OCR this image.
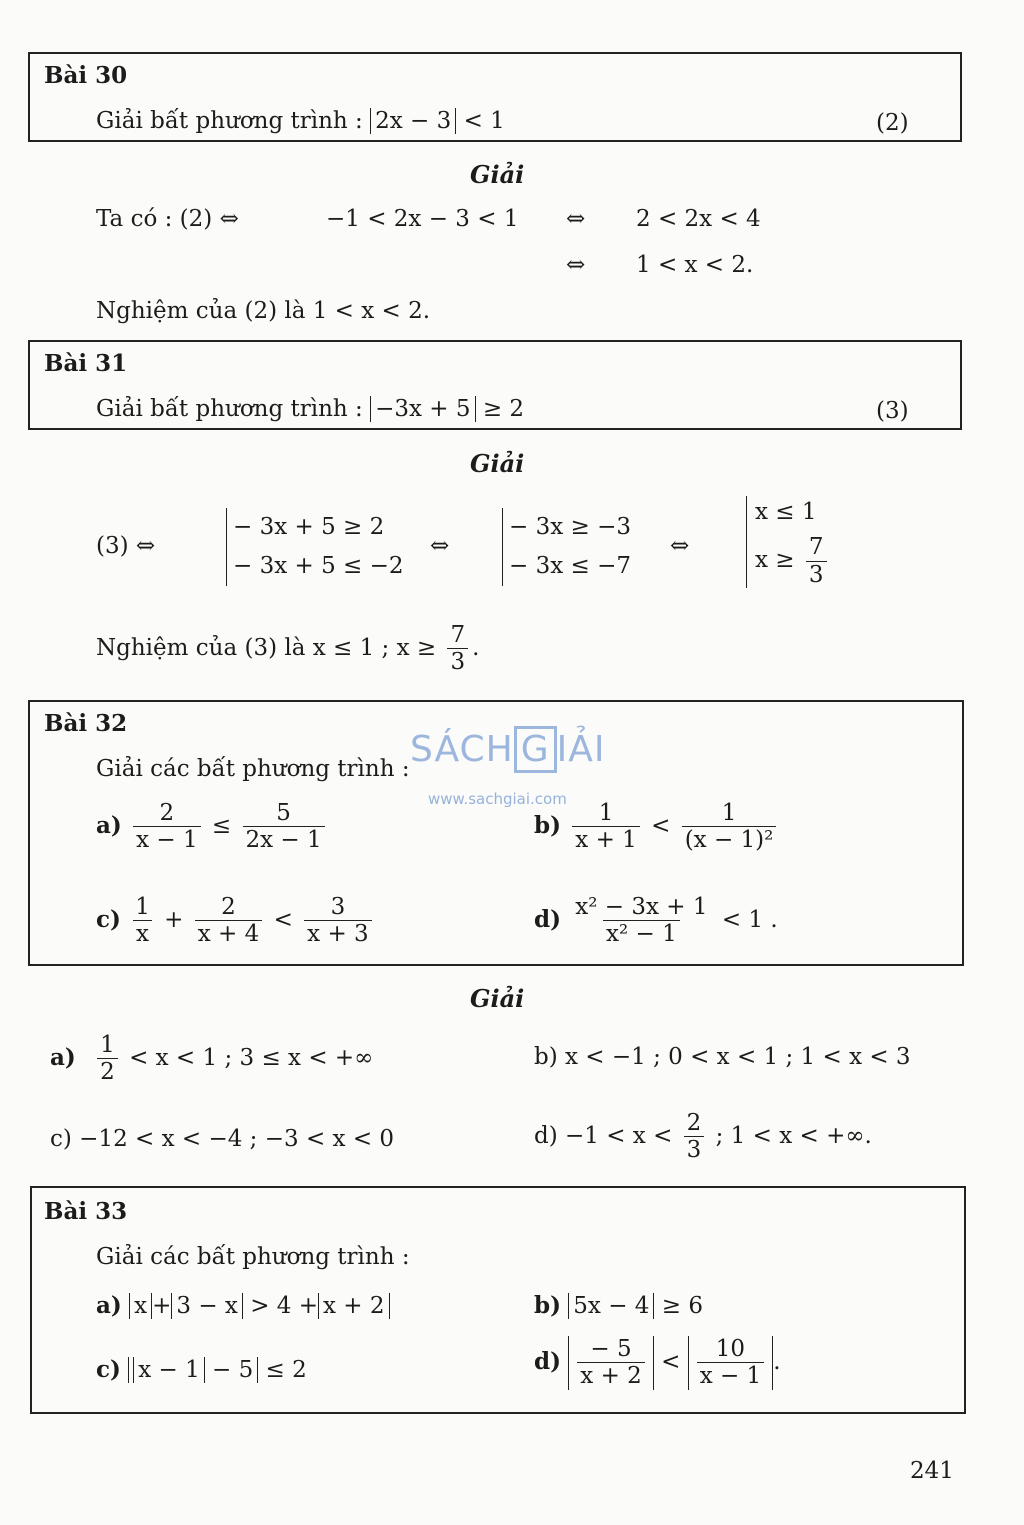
Bài 30
Giải bất phương trình : 2x − 3 < 1	(2)
Giải
Ta có : (2) ⇔	−1 < 2x − 3 < 1 ⇔ 2 < 2x < 4
⇔ 1 < x < 2.
Nghiệm của (2) là 1 < x < 2.
Bài 31
Giải bất phương trình : −3x + 5 ≥ 2	(3)
Giải
(3) ⇔
− 3x + 5 ≥ 2
− 3x + 5 ≤ −2
⇔
− 3x ≥ −3
− 3x ≤ −7
⇔
x ≤ 1
$x \ge \frac{7}{3}$
Nghiệm của (3) là x ≤ 1 ; $x \ge \frac{7}{3}$ .
Bài 32
Giải các bất phương trình :
$a) \frac{2}{x - 1} \le \frac{5}{2x - 1}$	$b) \frac{1}{x + 1} < \frac{1}{\text{(x − 1)²}}$
$c) \frac{1}{x} + \frac{2}{x + 4} < \frac{3}{x + 3}$	$d) \frac{\text{x² − 3x + 1}}{\text{x² − 1}} < 1$ .
Giải
$a) \frac{1}{2} < x < 1$ ; 3 ≤ x < +∞	b) x < −1 ; 0 < x < 1 ; 1 < x < 3
c) −12 < x < −4 ; −3 < x < 0	$d) -1 < x < \frac{2}{3}$ ; 1 < x < +∞.
Bài 33
Giải các bất phương trình :
a) x + 3 − x > 4 + x + 2	b) 5x − 4 ≥ 6
c) x − 1 − 5 ≤ 2	$d) \frac{- 5}{x + 2} < \frac{10}{x - 1}$ .
SÁCH G IẢI
www.sachgiai.com
241
